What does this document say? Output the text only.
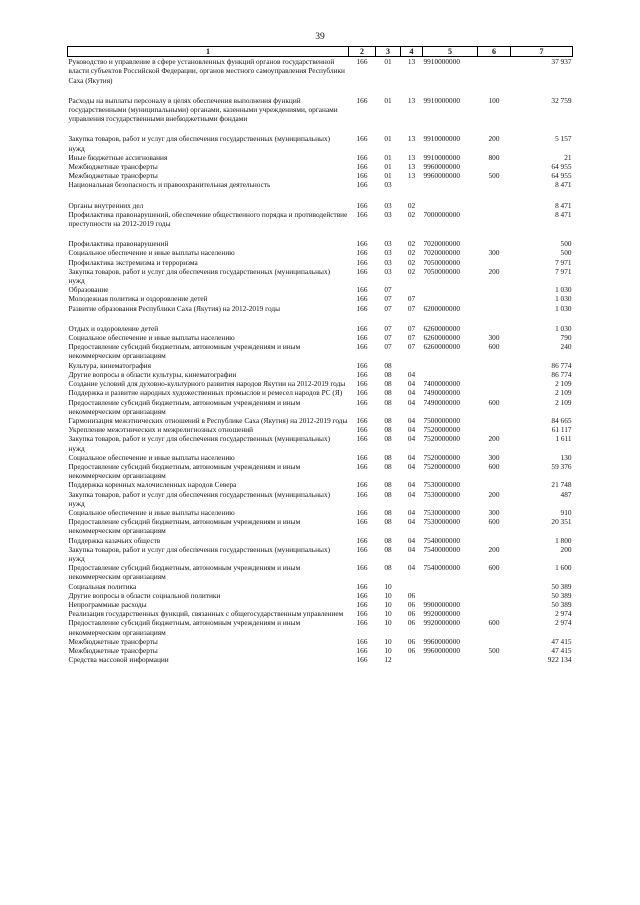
39
1	2	3	4	5	6	7
Руководство и управление в сфере установленных функций органов государственной власти субъектов Российской Федерации, органов местного самоуправления Республики Саха (Якутия)	166	01	13	9910000000		37 937

Расходы на выплаты персоналу в целях обеспечения выполнения функций государственными (муниципальными) органами, казенными учреждениями, органами управления государственными внебюджетными фондами	166	01	13	9910000000	100	32 759

Закупка товаров, работ и услуг для обеспечения государственных (муниципальных) нужд	166	01	13	9910000000	200	5 157
Иные бюджетные ассигнования	166	01	13	9910000000	800	21
Межбюджетные трансферты	166	01	13	9960000000		64 955
Межбюджетные трансферты	166	01	13	9960000000	500	64 955
Национальная безопасность и правоохранительная деятельность	166	03				8 471

Органы внутренних дел	166	03	02			8 471
Профилактика правонарушений, обеспечение общественного порядка и противодействие преступности на 2012-2019 годы	166	03	02	7000000000		8 471

Профилактика правонарушений	166	03	02	7020000000		500
Социальное обеспечение и иные выплаты населению	166	03	02	7020000000	300	500
Профилактика экстремизма и терроризма	166	03	02	7050000000		7 971
Закупка товаров, работ и услуг для обеспечения государственных (муниципальных) нужд	166	03	02	7050000000	200	7 971
Образование	166	07				1 030
Молодежная политика и оздоровление детей	166	07	07			1 030
Развитие образования Республики Саха (Якутия) на 2012-2019 годы	166	07	07	6200000000		1 030

Отдых и оздоровление детей	166	07	07	6260000000		1 030
Социальное обеспечение и иные выплаты населению	166	07	07	6260000000	300	790
Предоставление субсидий бюджетным, автономным учреждениям и иным некоммерческим организациям	166	07	07	6260000000	600	240
Культура, кинематография	166	08				86 774
Другие вопросы в области культуры, кинематографии	166	08	04			86 774
Создание условий для духовно-культурного развития народов Якутии на 2012-2019 годы	166	08	04	7400000000		2 109
Поддержка и развитие народных художественных промыслов и ремесел народов РС (Я)	166	08	04	7490000000		2 109
Предоставление субсидий бюджетным, автономным учреждениям и иным некоммерческим организациям	166	08	04	7490000000	600	2 109
Гармонизация межэтнических отношений в Республике Саха (Якутия) на 2012-2019 годы	166	08	04	7500000000		84 665
Укрепление межэтнических и межрелигиозных отношений	166	08	04	7520000000		61 117
Закупка товаров, работ и услуг для обеспечения государственных (муниципальных) нужд	166	08	04	7520000000	200	1 611
Социальное обеспечение и иные выплаты населению	166	08	04	7520000000	300	130
Предоставление субсидий бюджетным, автономным учреждениям и иным некоммерческим организациям	166	08	04	7520000000	600	59 376
Поддержка коренных малочисленных народов Севера	166	08	04	7530000000		21 748
Закупка товаров, работ и услуг для обеспечения государственных (муниципальных) нужд	166	08	04	7530000000	200	487
Социальное обеспечение и иные выплаты населению	166	08	04	7530000000	300	910
Предоставление субсидий бюджетным, автономным учреждениям и иным некоммерческим организациям	166	08	04	7530000000	600	20 351
Поддержка казачьих обществ	166	08	04	7540000000		1 800
Закупка товаров, работ и услуг для обеспечения государственных (муниципальных) нужд	166	08	04	7540000000	200	200
Предоставление субсидий бюджетным, автономным учреждениям и иным некоммерческим организациям	166	08	04	7540000000	600	1 600
Социальная политика	166	10				50 389
Другие вопросы в области социальной политики	166	10	06			50 389
Непрограммные расходы	166	10	06	9900000000		50 389
Реализация государственных функций, связанных с общегосударственным управлением	166	10	06	9920000000		2 974
Предоставление субсидий бюджетным, автономным учреждениям и иным некоммерческим организациям	166	10	06	9920000000	600	2 974
Межбюджетные трансферты	166	10	06	9960000000		47 415
Межбюджетные трансферты	166	10	06	9960000000	500	47 415
Средства массовой информации	166	12				922 134
